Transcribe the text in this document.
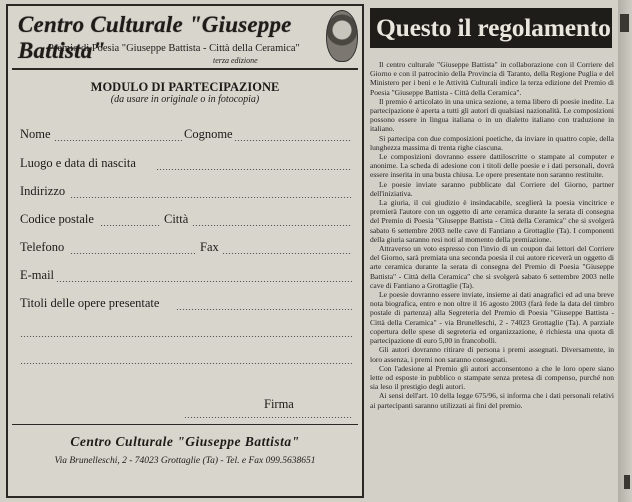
Centro Culturale "Giuseppe Battista"
Premio di Poesia "Giuseppe Battista - Città della Ceramica"
terza edizione
MODULO DI PARTECIPAZIONE
(da usare in originale o in fotocopia)
Nome	Cognome
Luogo e data di nascita
Indirizzo
Codice postale	Città
Telefono	Fax
E-mail
Titoli delle opere presentate
Firma
Centro Culturale "Giuseppe Battista"
Via Brunelleschi, 2 - 74023 Grottaglie (Ta) - Tel. e Fax 099.5638651
Questo il regolamento

Il centro culturale "Giuseppe Battista" in collaborazione con il Corriere del Giorno e con il patrocinio della Provincia di Taranto, della Regione Puglia e del Ministero per i beni e le Attività Culturali indice la terza edizione del Premio di Poesia "Giuseppe Battista - Città della Ceramica".

Il premio è articolato in una unica sezione, a tema libero di poesie inedite. La partecipazione è aperta a tutti gli autori di qualsiasi nazionalità. Le composizioni possono essere in lingua italiana o in un dialetto italiano con traduzione in italiano.

Si partecipa con due composizioni poetiche, da inviare in quattro copie, della lunghezza massima di trenta righe ciascuna.

Le composizioni dovranno essere dattiloscritte o stampate al computer e anonime. La scheda di adesione con i titoli delle poesie e i dati personali, dovrà essere inserita in una busta chiusa. Le opere presentate non saranno restituite.

Le poesie inviate saranno pubblicate dal Corriere del Giorno, partner dell'iniziativa.

La giuria, il cui giudizio è insindacabile, sceglierà la poesia vincitrice e premierà l'autore con un oggetto di arte ceramica durante la serata di consegna del Premio di Poesia "Giuseppe Battista - Città della Ceramica" che si svolgerà sabato 6 settembre 2003 nelle cave di Fantiano a Grottaglie (Ta). I componenti della giuria saranno resi noti al momento della premiazione.

Attraverso un voto espresso con l'invio di un coupon dai lettori del Corriere del Giorno, sarà premiata una seconda poesia il cui autore riceverà un oggetto di arte ceramica durante la serata di consegna del Premio di Poesia "Giuseppe Battista" - Città della Ceramica" che si svolgerà sabato 6 settembre 2003 nelle cave di Fantiano a Grottaglie (Ta).

Le poesie dovranno essere inviate, insieme ai dati anagrafici ed ad una breve nota biografica, entro e non oltre il 16 agosto 2003 (farà fede la data del timbro postale di partenza) alla Segreteria del Premio di Poesia "Giuseppe Battista - Città della Ceramica" - via Brunelleschi, 2 - 74023 Grottaglie (Ta). A parziale copertura delle spese di segreteria ed organizzazione, è richiesta una quota di partecipazione di euro 5,00 in francobolli.

Gli autori dovranno ritirare di persona i premi assegnati. Diversamente, in loro assenza, i premi non saranno consegnati.

Con l'adesione al Premio gli autori acconsentono a che le loro opere siano lette od esposte in pubblico o stampate senza pretesa di compenso, purché non sia leso il prestigio degli autori.

Ai sensi dell'art. 10 della legge 675/96, si informa che i dati personali relativi ai partecipanti saranno utilizzati ai fini del premio.
